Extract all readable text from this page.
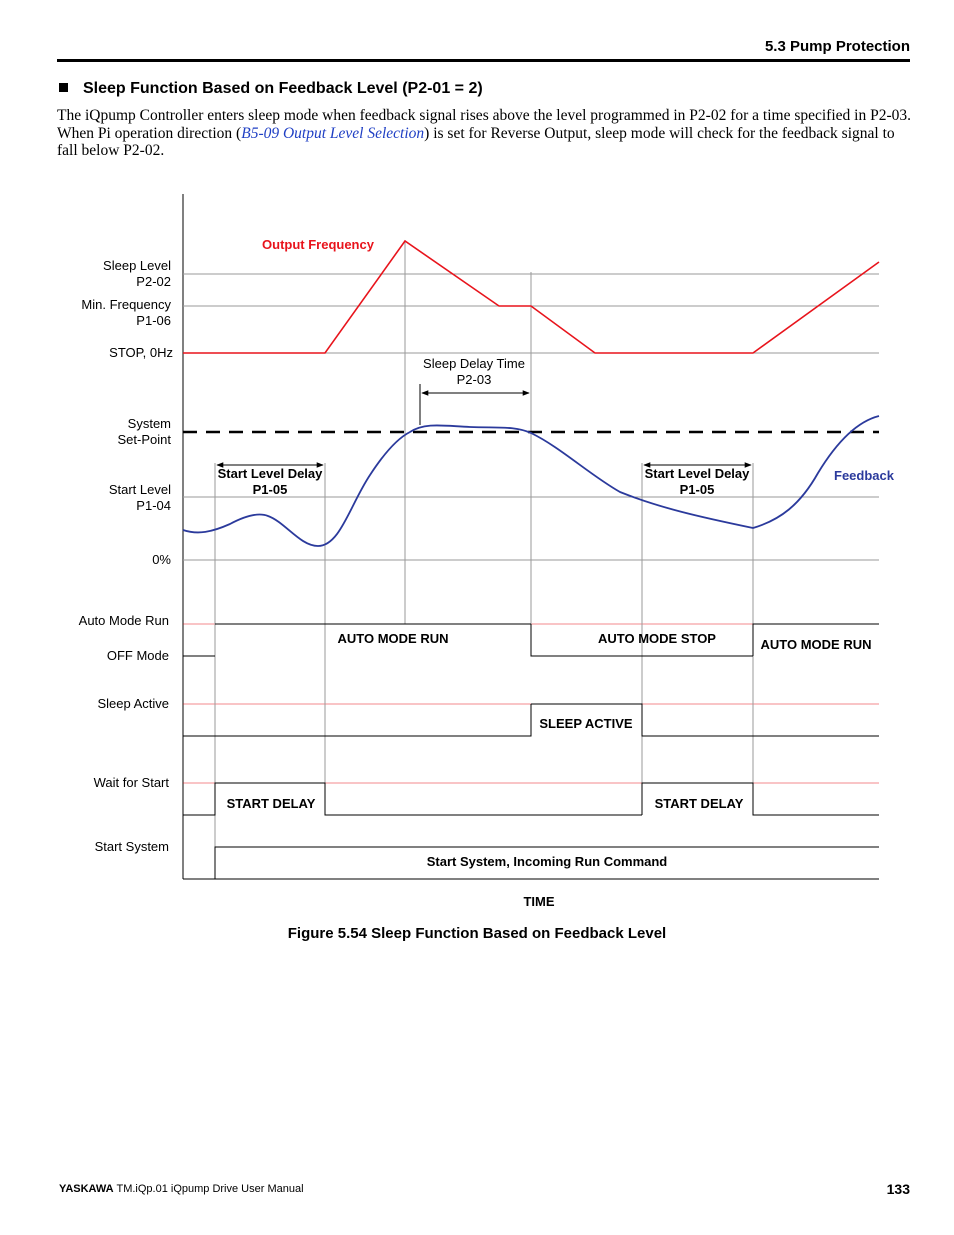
5.3 Pump Protection
Sleep Function Based on Feedback Level (P2-01 = 2)
The iQpump Controller enters sleep mode when feedback signal rises above the level programmed in P2-02 for a time specified in P2-03. When Pi operation direction (B5-09 Output Level Selection) is set for Reverse Output, sleep mode will check for the feedback signal to fall below P2-02.
Sleep Level
P2-02
Min. Frequency
P1-06
STOP, 0Hz
System
Set-Point
Start Level
P1-04
0%
Auto Mode Run
OFF Mode
Sleep Active
Wait for Start
Start System
Output Frequency
Feedback
Sleep Delay Time
P2-03
Start Level Delay
P1-05
Start Level Delay
P1-05
AUTO MODE RUN	AUTO MODE STOP	AUTO MODE RUN
SLEEP ACTIVE
START DELAY	START DELAY
Start System, Incoming Run Command
TIME
Figure 5.54 Sleep Function Based on Feedback Level
YASKAWA TM.iQp.01 iQpump Drive User Manual	133
